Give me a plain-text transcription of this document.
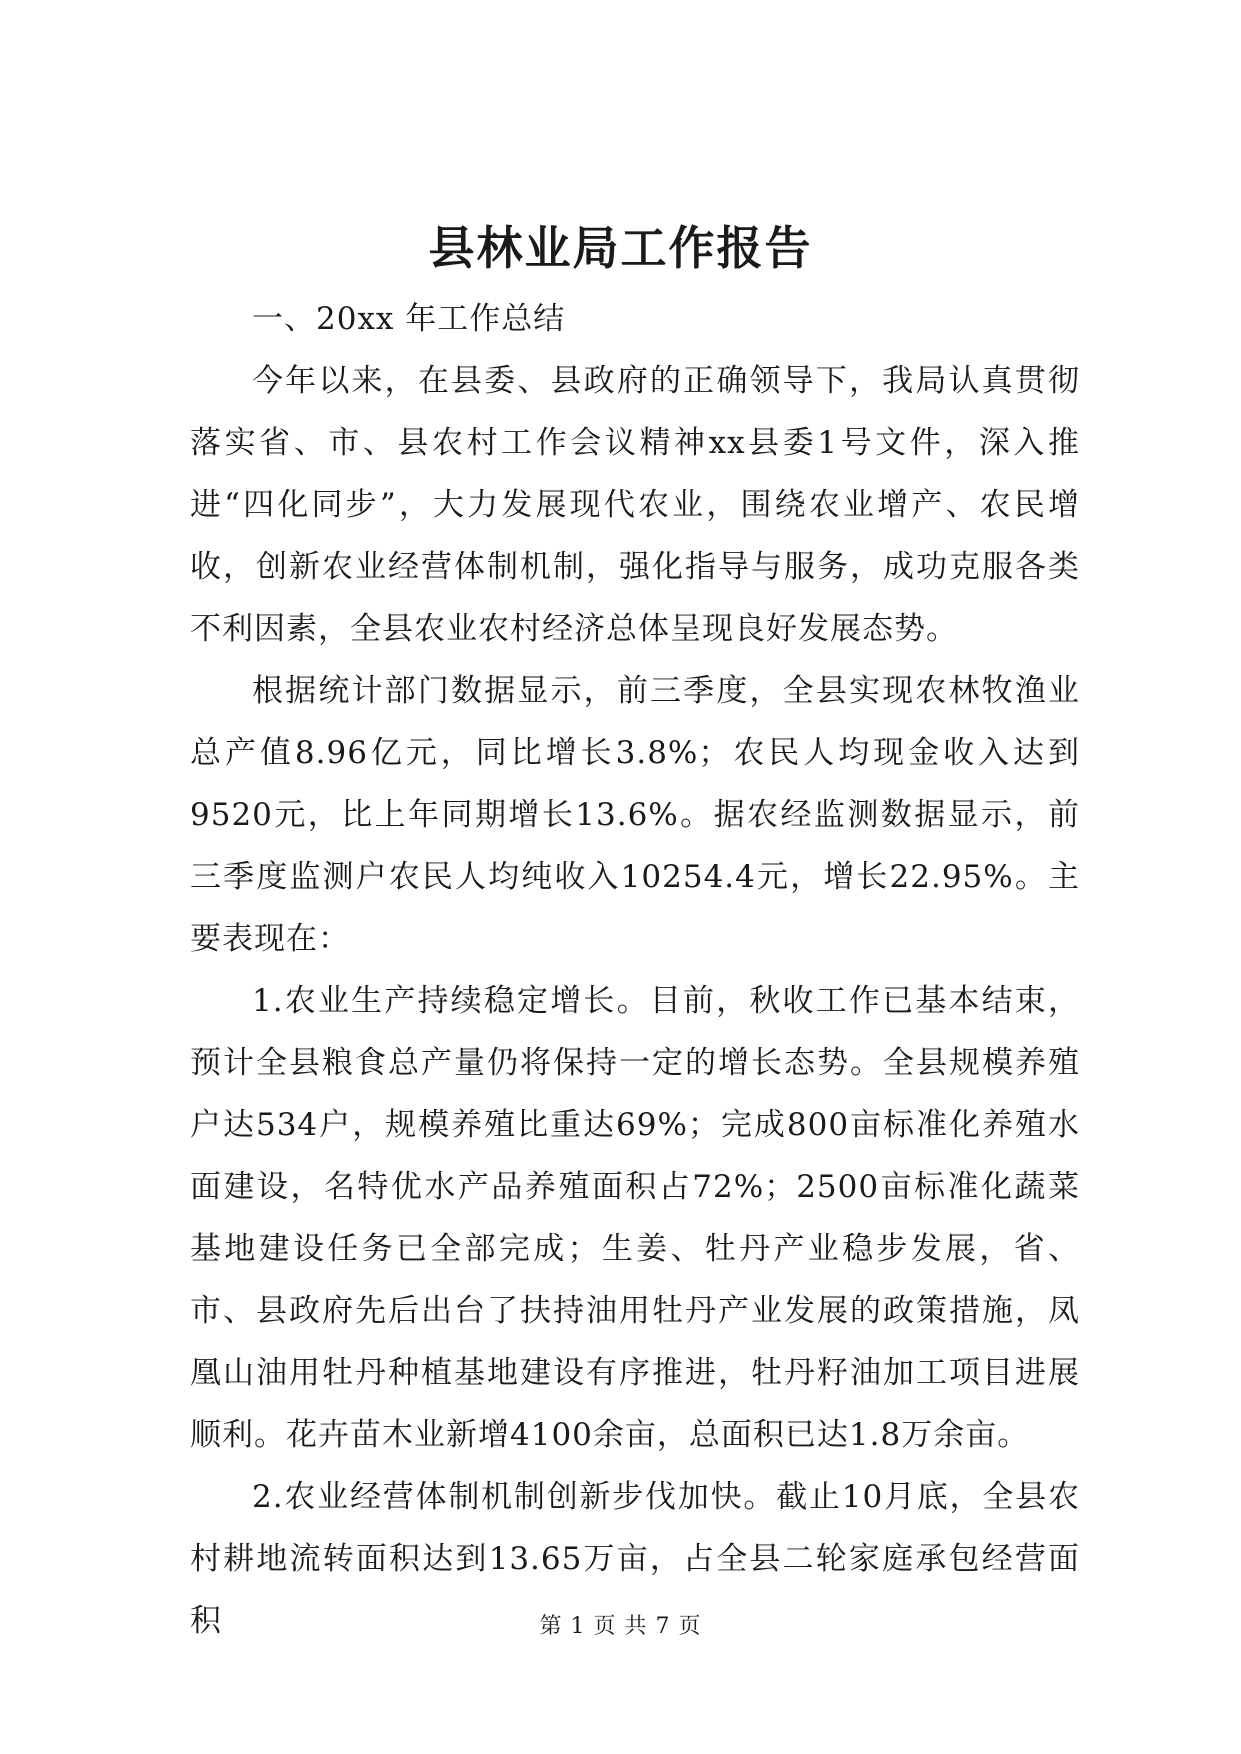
县林业局工作报告

一、20xx 年工作总结

今年以来，在县委、县政府的正确领导下，我局认真贯彻落实省、市、县农村工作会议精神xx县委1号文件，深入推进“四化同步”，大力发展现代农业，围绕农业增产、农民增收，创新农业经营体制机制，强化指导与服务，成功克服各类不利因素，全县农业农村经济总体呈现良好发展态势。

根据统计部门数据显示，前三季度，全县实现农林牧渔业总产值8.96亿元，同比增长3.8%；农民人均现金收入达到9520元，比上年同期增长13.6%。据农经监测数据显示，前三季度监测户农民人均纯收入10254.4元，增长22.95%。主要表现在：

1.农业生产持续稳定增长。目前，秋收工作已基本结束，预计全县粮食总产量仍将保持一定的增长态势。全县规模养殖户达534户，规模养殖比重达69%；完成800亩标准化养殖水面建设，名特优水产品养殖面积占72%；2500亩标准化蔬菜基地建设任务已全部完成；生姜、牡丹产业稳步发展，省、市、县政府先后出台了扶持油用牡丹产业发展的政策措施，凤凰山油用牡丹种植基地建设有序推进，牡丹籽油加工项目进展顺利。花卉苗木业新增4100余亩，总面积已达1.8万余亩。

2.农业经营体制机制创新步伐加快。截止10月底，全县农村耕地流转面积达到13.65万亩，占全县二轮家庭承包经营面积	第 1 页 共 7 页
